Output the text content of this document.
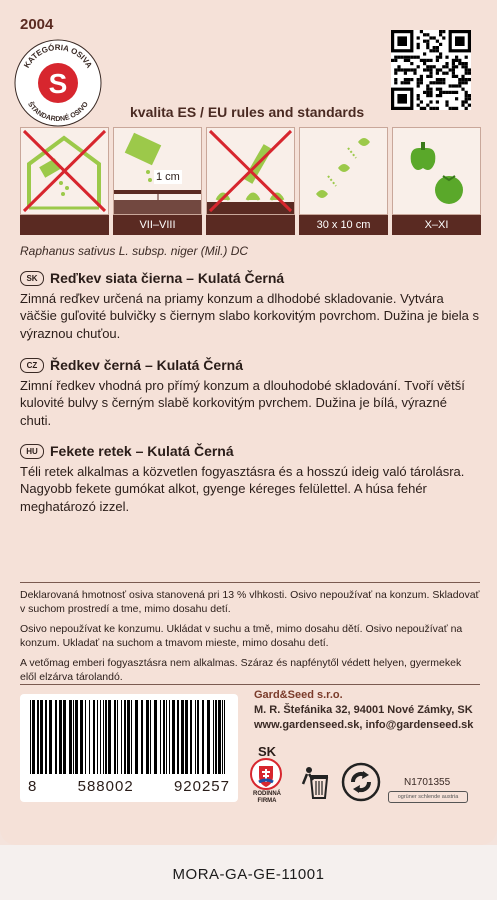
2004
KATEGÓRIA OSIVA
ŠTANDARDNÉ OSIVO
S
kvalita ES / EU rules and standards
1 cm
VII–VIII	30 x 10 cm	X–XI
Raphanus sativus L. subsp. niger (Mil.) DC
SK Reďkev siata čierna – Kulatá Černá

Zimná reďkev určená na priamy konzum a dlhodobé skladovanie. Vytvára väčšie guľovité bulvičky s čiernym slabo korkovitým povrchom. Dužina je biela s výraznou chuťou.

CZ Ředkev černá – Kulatá Černá

Zimní ředkev vhodná pro přímý konzum a dlouhodobé skladování. Tvoří větší kulovité bulvy s černým slabě korkovitým pvrchem. Dužina je bílá, výrazné chuti.

HU Fekete retek – Kulatá Černá

Téli retek alkalmas a közvetlen fogyasztásra és a hosszú ideig való tárolásra. Nagyobb fekete gumókat alkot, gyenge kéreges felülettel. A húsa fehér meghatározó izzel.

Deklarovaná hmotnosť osiva stanovená pri 13 % vlhkosti. Osivo nepoužívať na konzum. Skladovať v suchom prostredí a tme, mimo dosahu detí.

Osivo nepoužívat ke konzumu. Ukládat v suchu a tmě, mimo dosahu dětí. Osivo nepoužívať na konzum. Ukladať na suchom a tmavom mieste, mimo dosahu detí.

A vetőmag emberi fogyasztásra nem alkalmas. Száraz és napfénytől védett helyen, gyermekek elől elzárva tárolandó.

8	588002	920257
Gard&Seed s.r.o.
M. R. Štefánika 32, 94001 Nové Zámky, SK
www.gardenseed.sk, info@gardenseed.sk
SK
RODINNÁ FIRMA
N1701355
ogrüner schlende austria
MORA-GA-GE-11001
